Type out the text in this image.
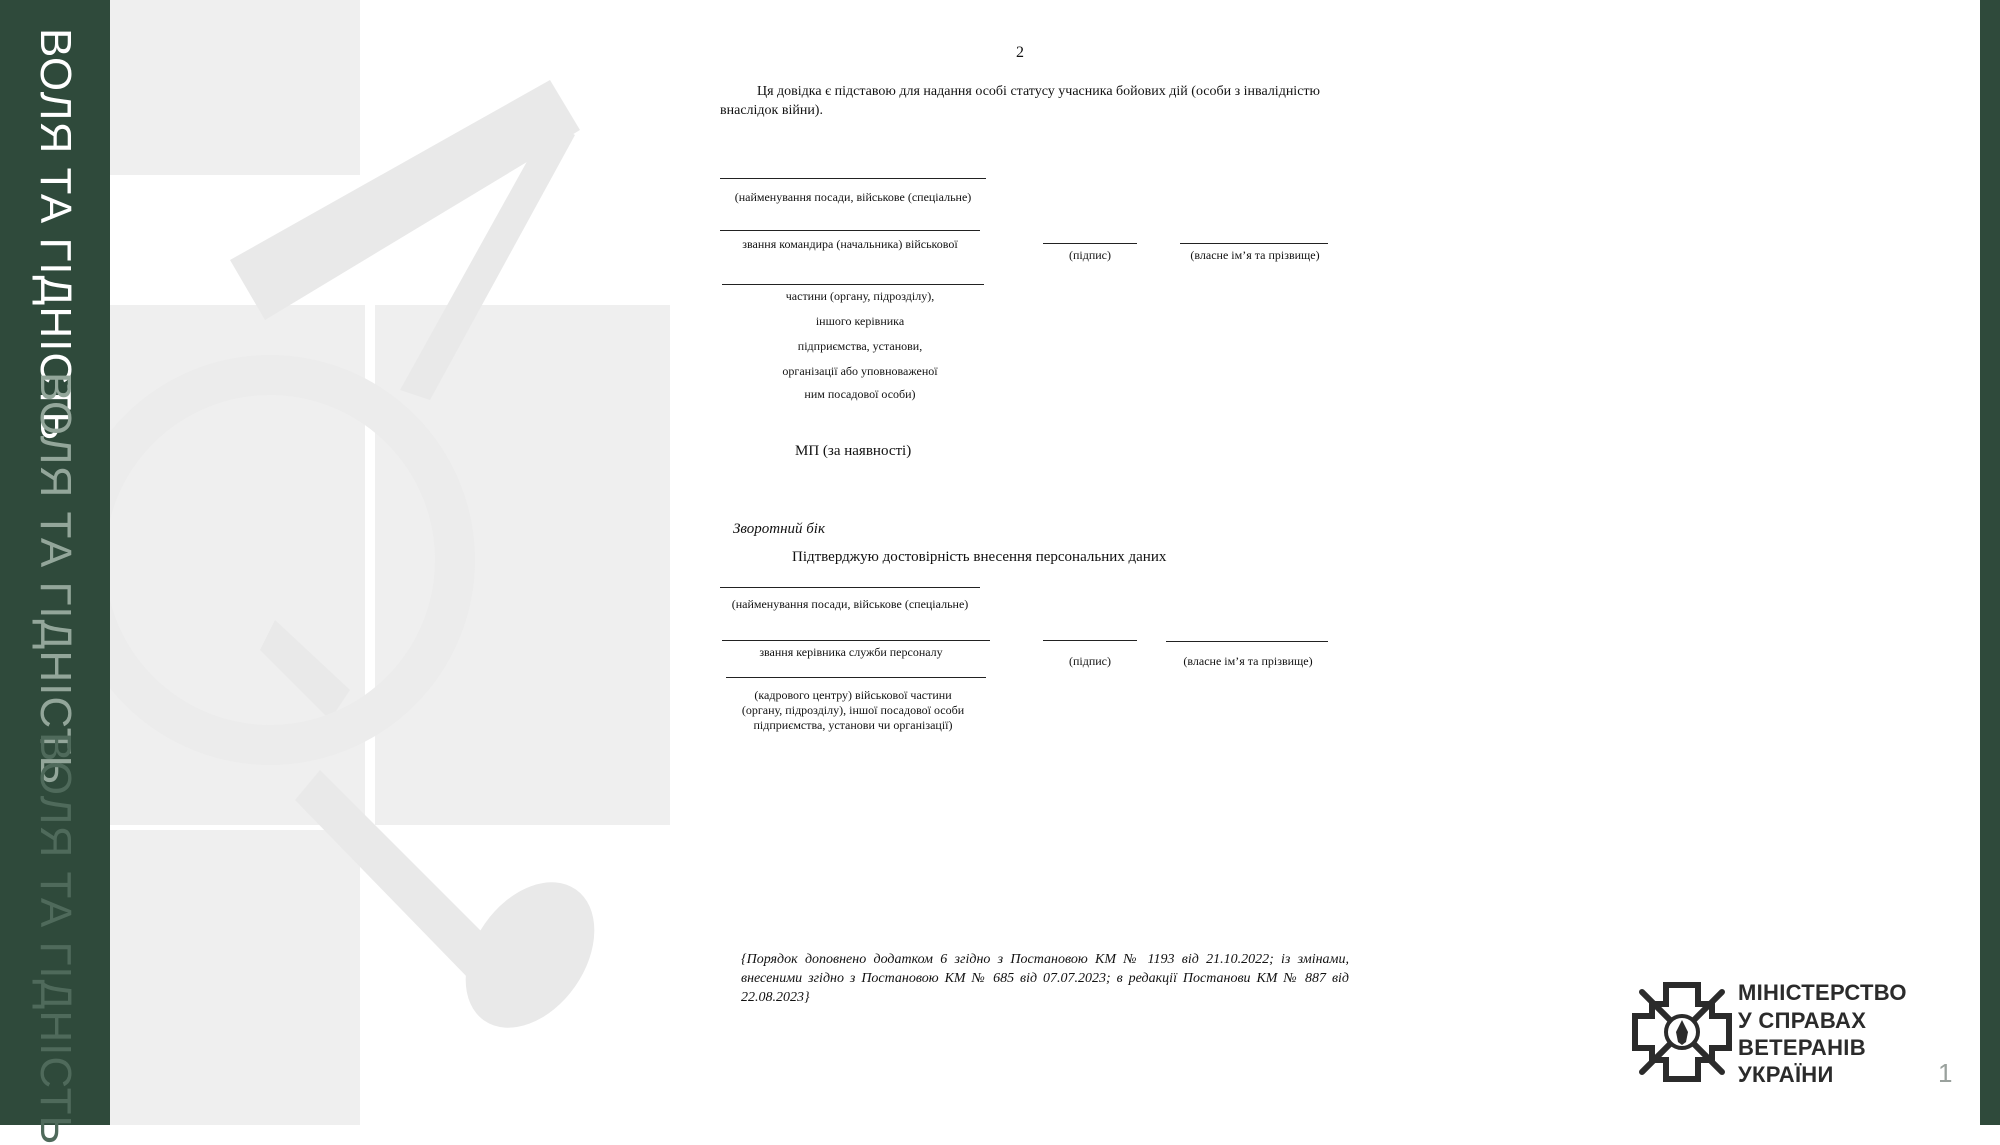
ВОЛЯ ТА ГІДНІСТЬ
ВОЛЯ ТА ГІДНІСТЬ
ВОЛЯ ТА ГІДНІСТЬ
2
Ця довідка є підставою для надання особі статусу учасника бойових дій (особи з інвалідністю внаслідок війни).
(найменування посади, військове (спеціальне)
звання командира (начальника) військової
частини (органу, підрозділу),
іншого керівника
підприємства, установи,
організації або уповноваженої
ним посадової особи)
(підпис)	(власне ім’я та прізвище)
МП (за наявності)
Зворотний бік
Підтверджую достовірність внесення персональних даних
(найменування посади, військове (спеціальне)
звання керівника служби персоналу
(кадрового центру) військової частини
(органу, підрозділу), іншої посадової особи
підприємства, установи чи організації)
(підпис)	(власне ім’я та прізвище)
{Порядок доповнено додатком 6 згідно з Постановою КМ № 1193 від 21.10.2022; із змінами, внесеними згідно з Постановою КМ № 685 від 07.07.2023; в редакції Постанови КМ № 887 від 22.08.2023}	МІНІСТЕРСТВО
У СПРАВАХ
ВЕТЕРАНІВ
УКРАЇНИ	1
